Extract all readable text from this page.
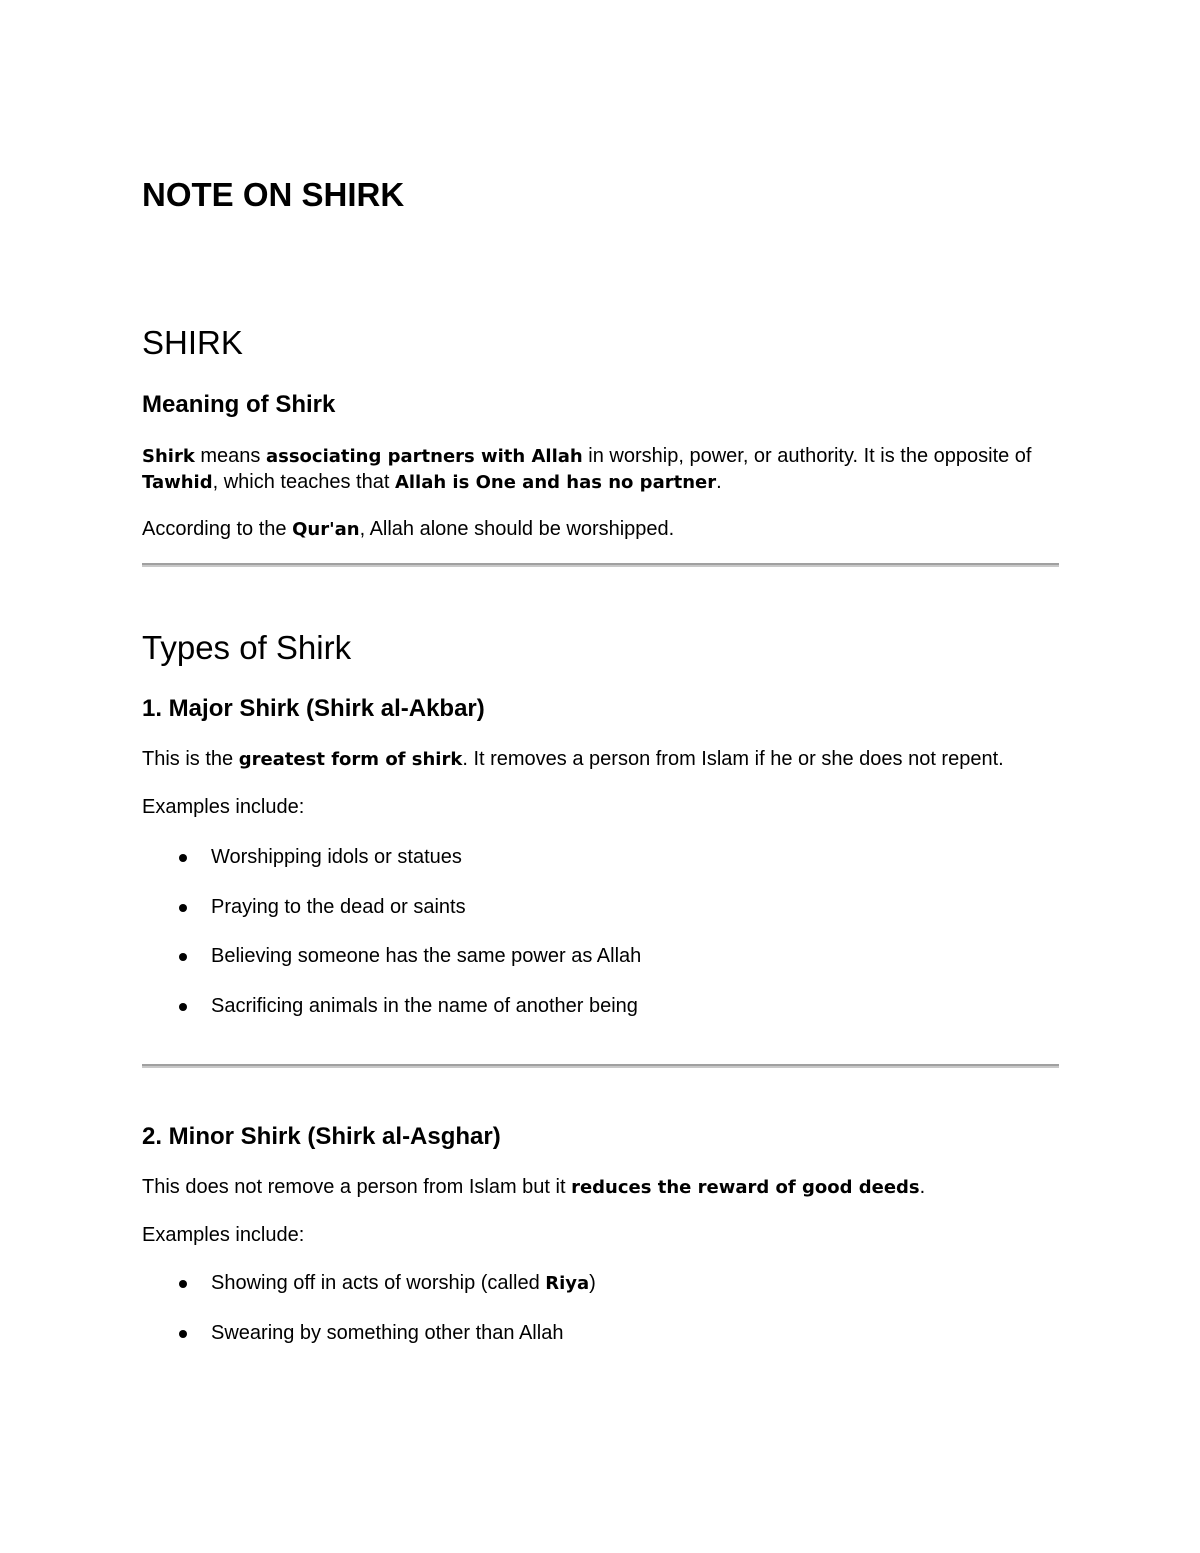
NOTE ON SHIRK
SHIRK
Meaning of Shirk

Shirk means associating partners with Allah in worship, power, or authority. It is the opposite of Tawhid, which teaches that Allah is One and has no partner.

According to the Qur'an, Allah alone should be worshipped.

Types of Shirk
1. Major Shirk (Shirk al-Akbar)

This is the greatest form of shirk. It removes a person from Islam if he or she does not repent.

Examples include:

Worshipping idols or statues
Praying to the dead or saints
Believing someone has the same power as Allah
Sacrificing animals in the name of another being
2. Minor Shirk (Shirk al-Asghar)

This does not remove a person from Islam but it reduces the reward of good deeds.

Examples include:

Showing off in acts of worship (called Riya)
Swearing by something other than Allah
